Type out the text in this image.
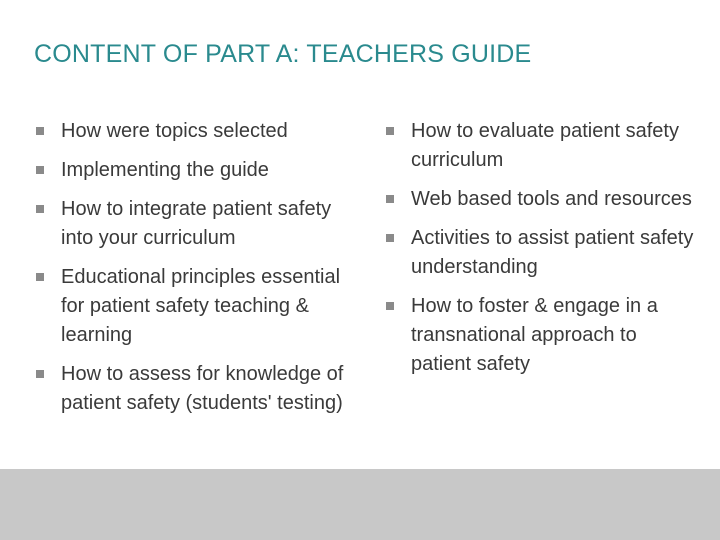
CONTENT OF PART A: TEACHERS GUIDE
How were topics selected
Implementing the guide
How to integrate patient safety into your curriculum
Educational principles essential for patient safety teaching & learning
How to assess for knowledge of patient safety (students' testing)
How to evaluate patient safety curriculum
Web based tools and resources
Activities to assist patient safety understanding
How to foster & engage in a transnational approach to patient safety
